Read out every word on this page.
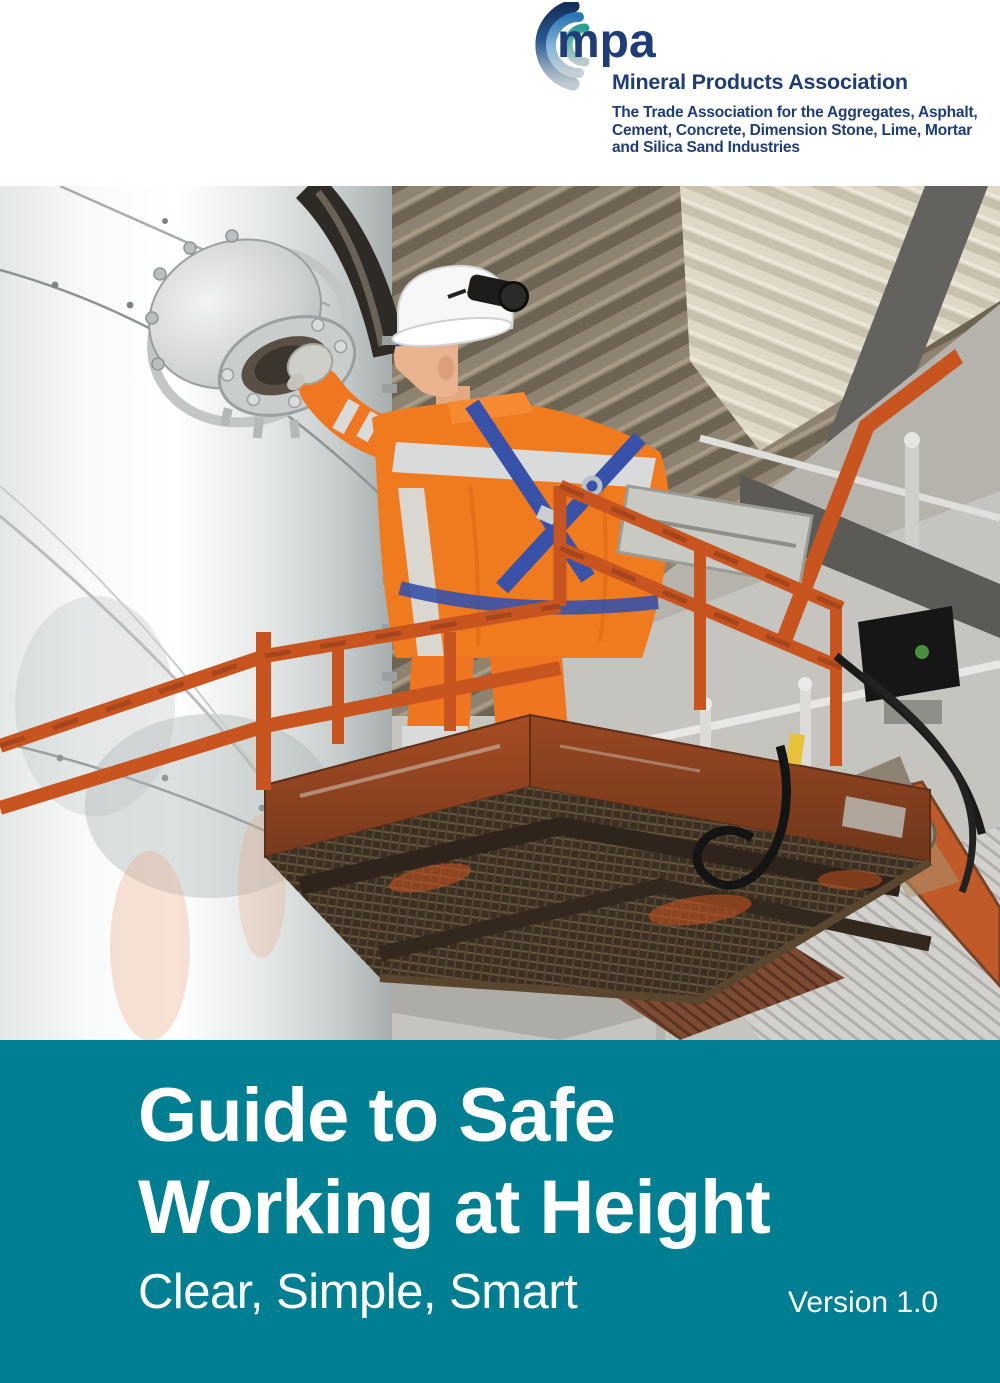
mpa
Mineral Products Association
The Trade Association for the Aggregates, Asphalt,
Cement, Concrete, Dimension Stone, Lime, Mortar
and Silica Sand Industries
Guide to Safe
Working at Height
Clear, Simple, Smart	Version 1.0
